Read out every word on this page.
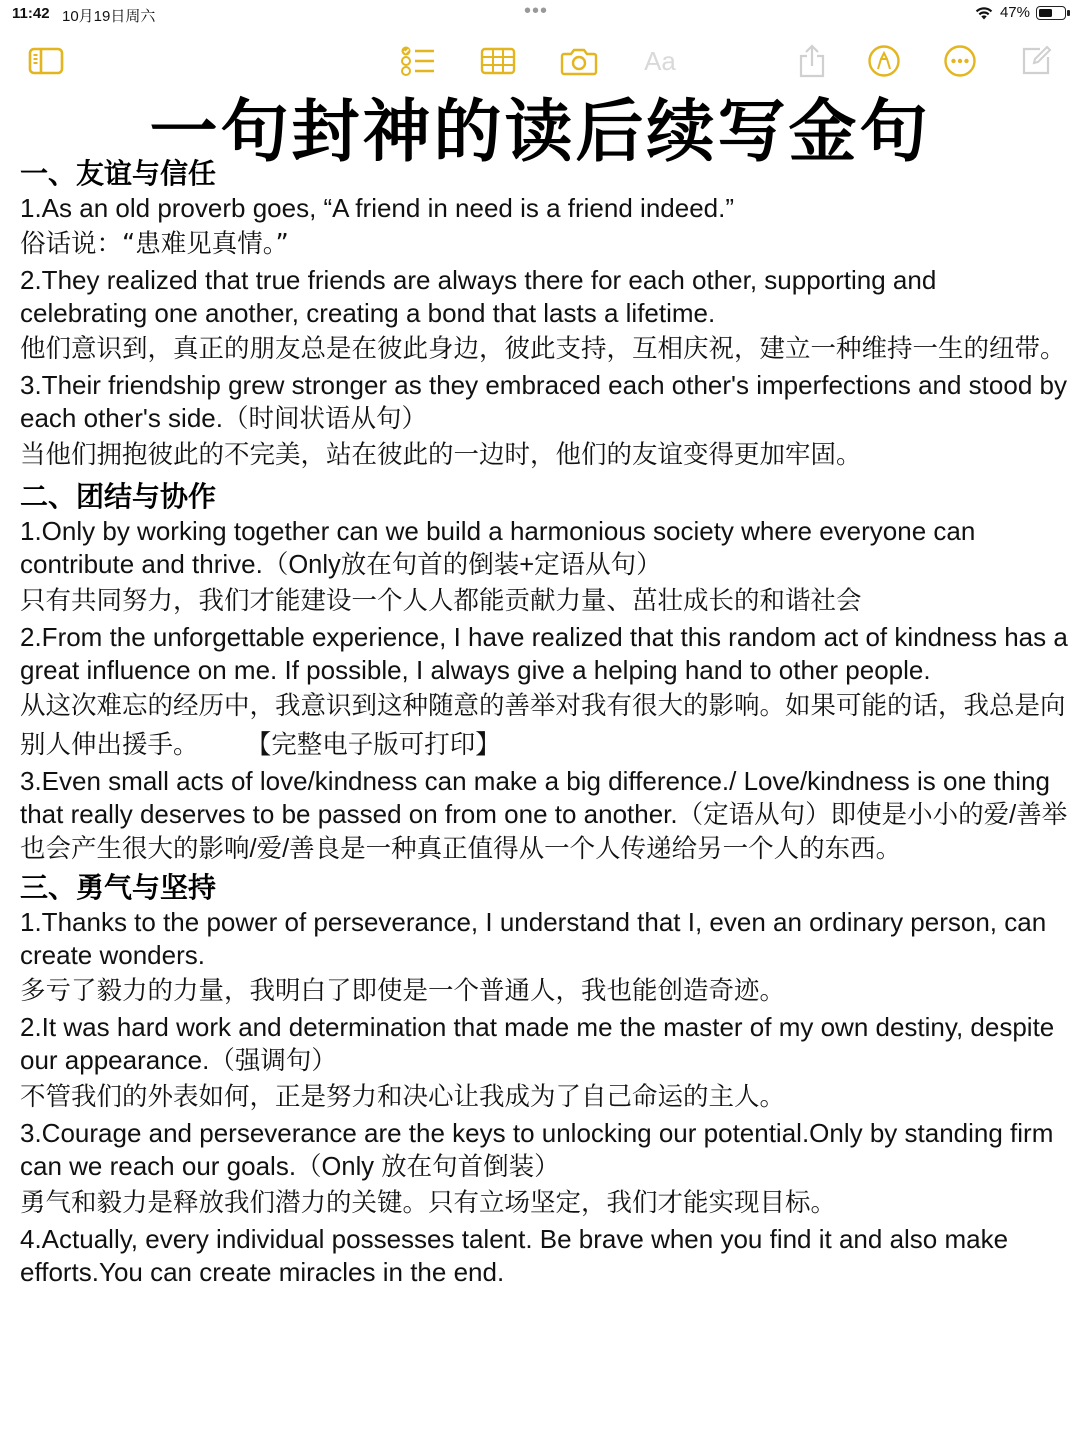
11:42 10月19日周六	•••	47%
Aa
一句封神的读后续写金句
一、友谊与信任
1.As an old proverb goes, “A friend in need is a friend indeed.”
俗话说：“患难见真情。”
2.They realized that true friends are always there for each other, supporting and celebrating one another, creating a bond that lasts a lifetime.
他们意识到，真正的朋友总是在彼此身边，彼此支持，互相庆祝，建立一种维持一生的纽带。
3.Their friendship grew stronger as they embraced each other's imperfections and stood by each other's side.（时间状语从句）
当他们拥抱彼此的不完美，站在彼此的一边时，他们的友谊变得更加牢固。
二、团结与协作
1.Only by working together can we build a harmonious society where everyone can contribute and thrive.（Only放在句首的倒装+定语从句）
只有共同努力，我们才能建设一个人人都能贡献力量、茁壮成长的和谐社会
2.From the unforgettable experience, I have realized that this random act of kindness has a great influence on me. If possible, I always give a helping hand to other people.
从这次难忘的经历中，我意识到这种随意的善举对我有很大的影响。如果可能的话，我总是向别人伸出援手。 【完整电子版可打印】
3.Even small acts of love/kindness can make a big difference./ Love/kindness is one thing that really deserves to be passed on from one to another.（定语从句）即使是小小的爱/善举也会产生很大的影响/爱/善良是一种真正值得从一个人传递给另一个人的东西。
三、勇气与坚持
1.Thanks to the power of perseverance, I understand that I, even an ordinary person, can create wonders.
多亏了毅力的力量，我明白了即使是一个普通人，我也能创造奇迹。
2.It was hard work and determination that made me the master of my own destiny, despite our appearance.（强调句）
不管我们的外表如何，正是努力和决心让我成为了自己命运的主人。
3.Courage and perseverance are the keys to unlocking our potential.Only by standing firm can we reach our goals.（Only 放在句首倒装）
勇气和毅力是释放我们潜力的关键。只有立场坚定，我们才能实现目标。
4.Actually, every individual possesses talent. Be brave when you find it and also make efforts.You can create miracles in the end.
